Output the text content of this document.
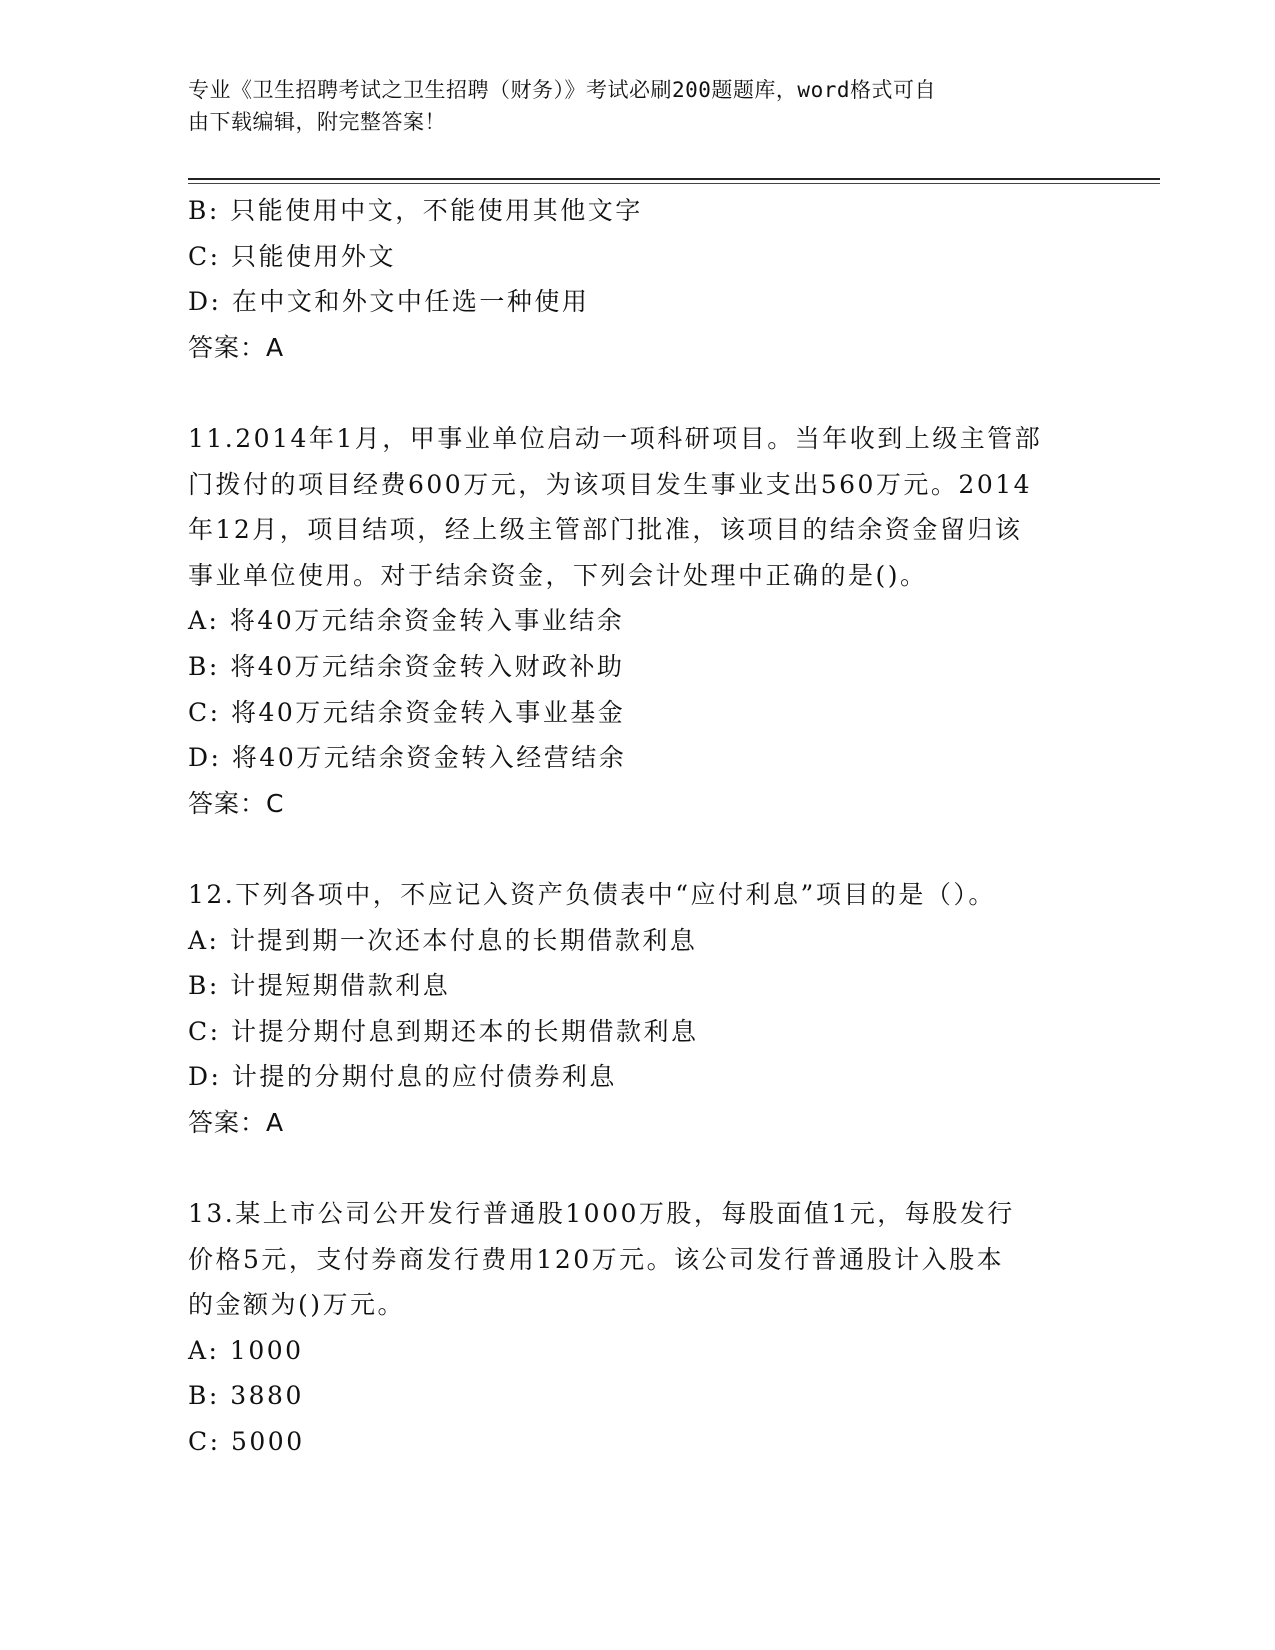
专业《卫生招聘考试之卫生招聘（财务）》考试必刷200题题库，word格式可自
由下载编辑，附完整答案！
B: 只能使用中文，不能使用其他文字
C: 只能使用外文
D: 在中文和外文中任选一种使用
答案：A
11.2014年1月，甲事业单位启动一项科研项目。当年收到上级主管部
门拨付的项目经费600万元，为该项目发生事业支出560万元。2014
年12月，项目结项，经上级主管部门批准，该项目的结余资金留归该
事业单位使用。对于结余资金，下列会计处理中正确的是()。
A: 将40万元结余资金转入事业结余
B: 将40万元结余资金转入财政补助
C: 将40万元结余资金转入事业基金
D: 将40万元结余资金转入经营结余
答案：C
12.下列各项中，不应记入资产负债表中“应付利息”项目的是（）。
A: 计提到期一次还本付息的长期借款利息
B: 计提短期借款利息
C: 计提分期付息到期还本的长期借款利息
D: 计提的分期付息的应付债券利息
答案：A
13.某上市公司公开发行普通股1000万股，每股面值1元，每股发行
价格5元，支付券商发行费用120万元。该公司发行普通股计入股本
的金额为()万元。
A: 1000
B: 3880
C: 5000
